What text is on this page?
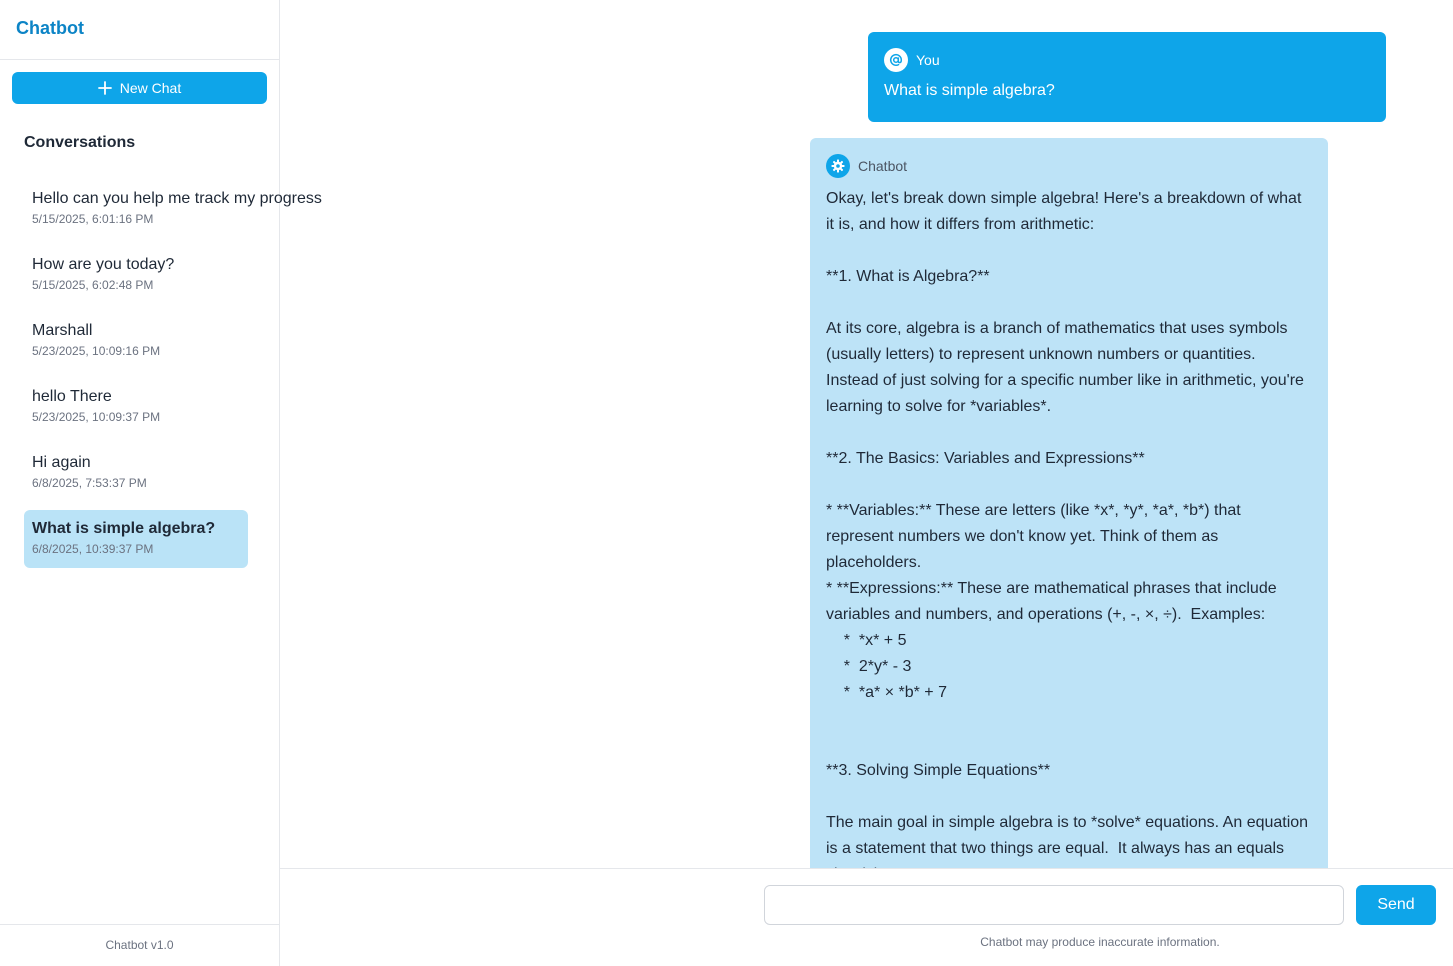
Chatbot
New Chat
Conversations
Hello can you help me track my progress
5/15/2025, 6:01:16 PM
How are you today?
5/15/2025, 6:02:48 PM
Marshall
5/23/2025, 10:09:16 PM
hello There
5/23/2025, 10:09:37 PM
Hi again
6/8/2025, 7:53:37 PM
What is simple algebra?
6/8/2025, 10:39:37 PM
Chatbot v1.0
You
What is simple algebra?
Chatbot
Okay, let's break down simple algebra! Here's a breakdown of what it is, and how it differs from arithmetic:

**1. What is Algebra?**

At its core, algebra is a branch of mathematics that uses symbols (usually letters) to represent unknown numbers or quantities. Instead of just solving for a specific number like in arithmetic, you're learning to solve for *variables*.

**2. The Basics: Variables and Expressions**

* **Variables:** These are letters (like *x*, *y*, *a*, *b*) that represent numbers we don't know yet. Think of them as placeholders.
* **Expressions:** These are mathematical phrases that include variables and numbers, and operations (+, -, ×, ÷).  Examples:
*  *x* + 5
*  2*y* - 3
*  *a* × *b* + 7

**3. Solving Simple Equations**

The main goal in simple algebra is to *solve* equations. An equation is a statement that two things are equal.  It always has an equals
Send
Chatbot may produce inaccurate information.
